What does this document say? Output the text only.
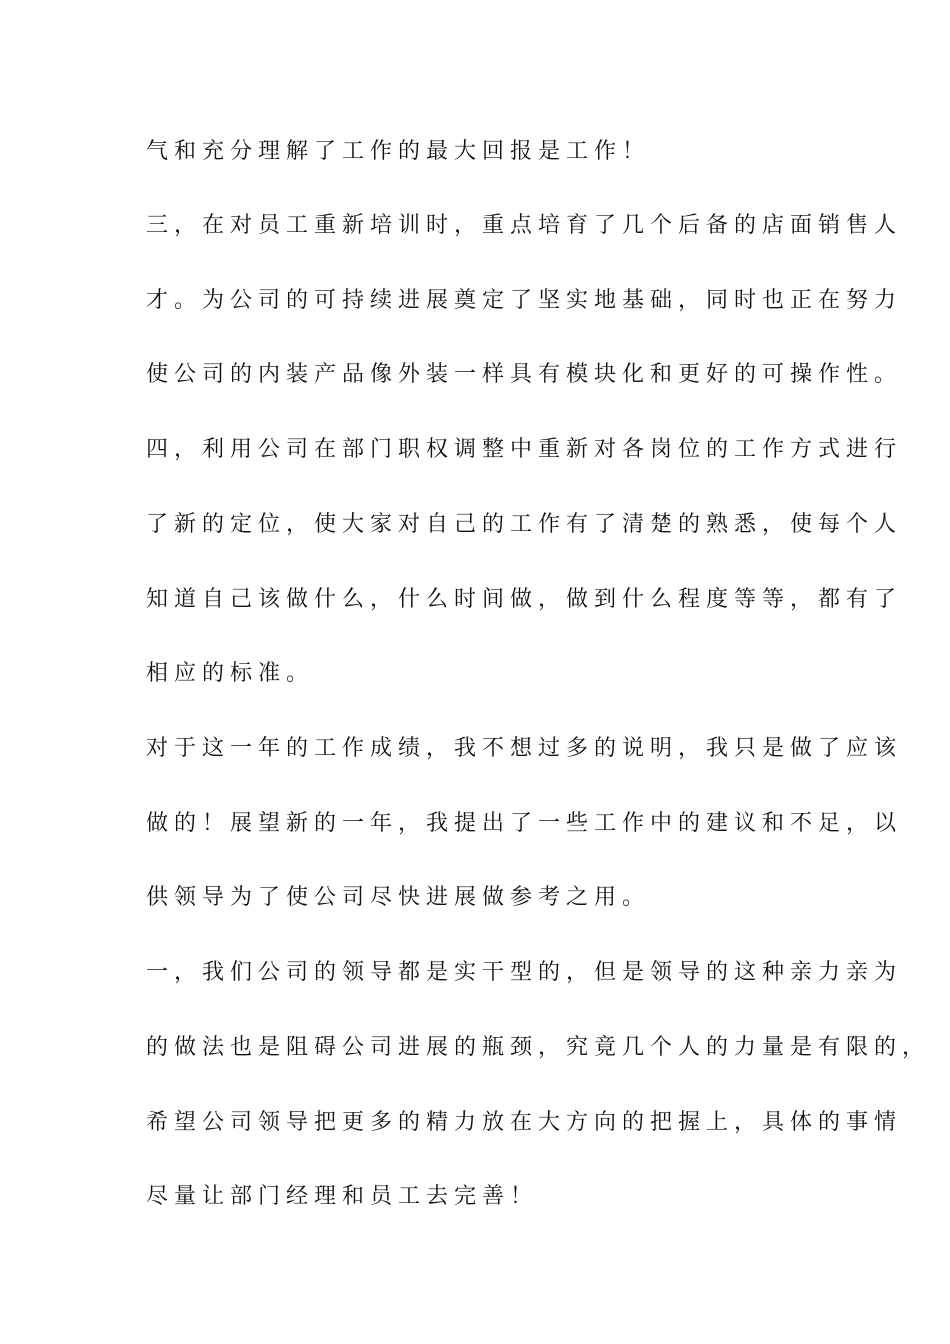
气和充分理解了工作的最大回报是工作！
三，在对员工重新培训时，重点培育了几个后备的店面销售人
才。为公司的可持续进展奠定了坚实地基础，同时也正在努力
使公司的内装产品像外装一样具有模块化和更好的可操作性。
四，利用公司在部门职权调整中重新对各岗位的工作方式进行
了新的定位，使大家对自己的工作有了清楚的熟悉，使每个人
知道自己该做什么，什么时间做，做到什么程度等等，都有了
相应的标准。
对于这一年的工作成绩，我不想过多的说明，我只是做了应该
做的！展望新的一年，我提出了一些工作中的建议和不足，以
供领导为了使公司尽快进展做参考之用。
一，我们公司的领导都是实干型的，但是领导的这种亲力亲为
的做法也是阻碍公司进展的瓶颈，究竟几个人的力量是有限的，
希望公司领导把更多的精力放在大方向的把握上，具体的事情
尽量让部门经理和员工去完善！
